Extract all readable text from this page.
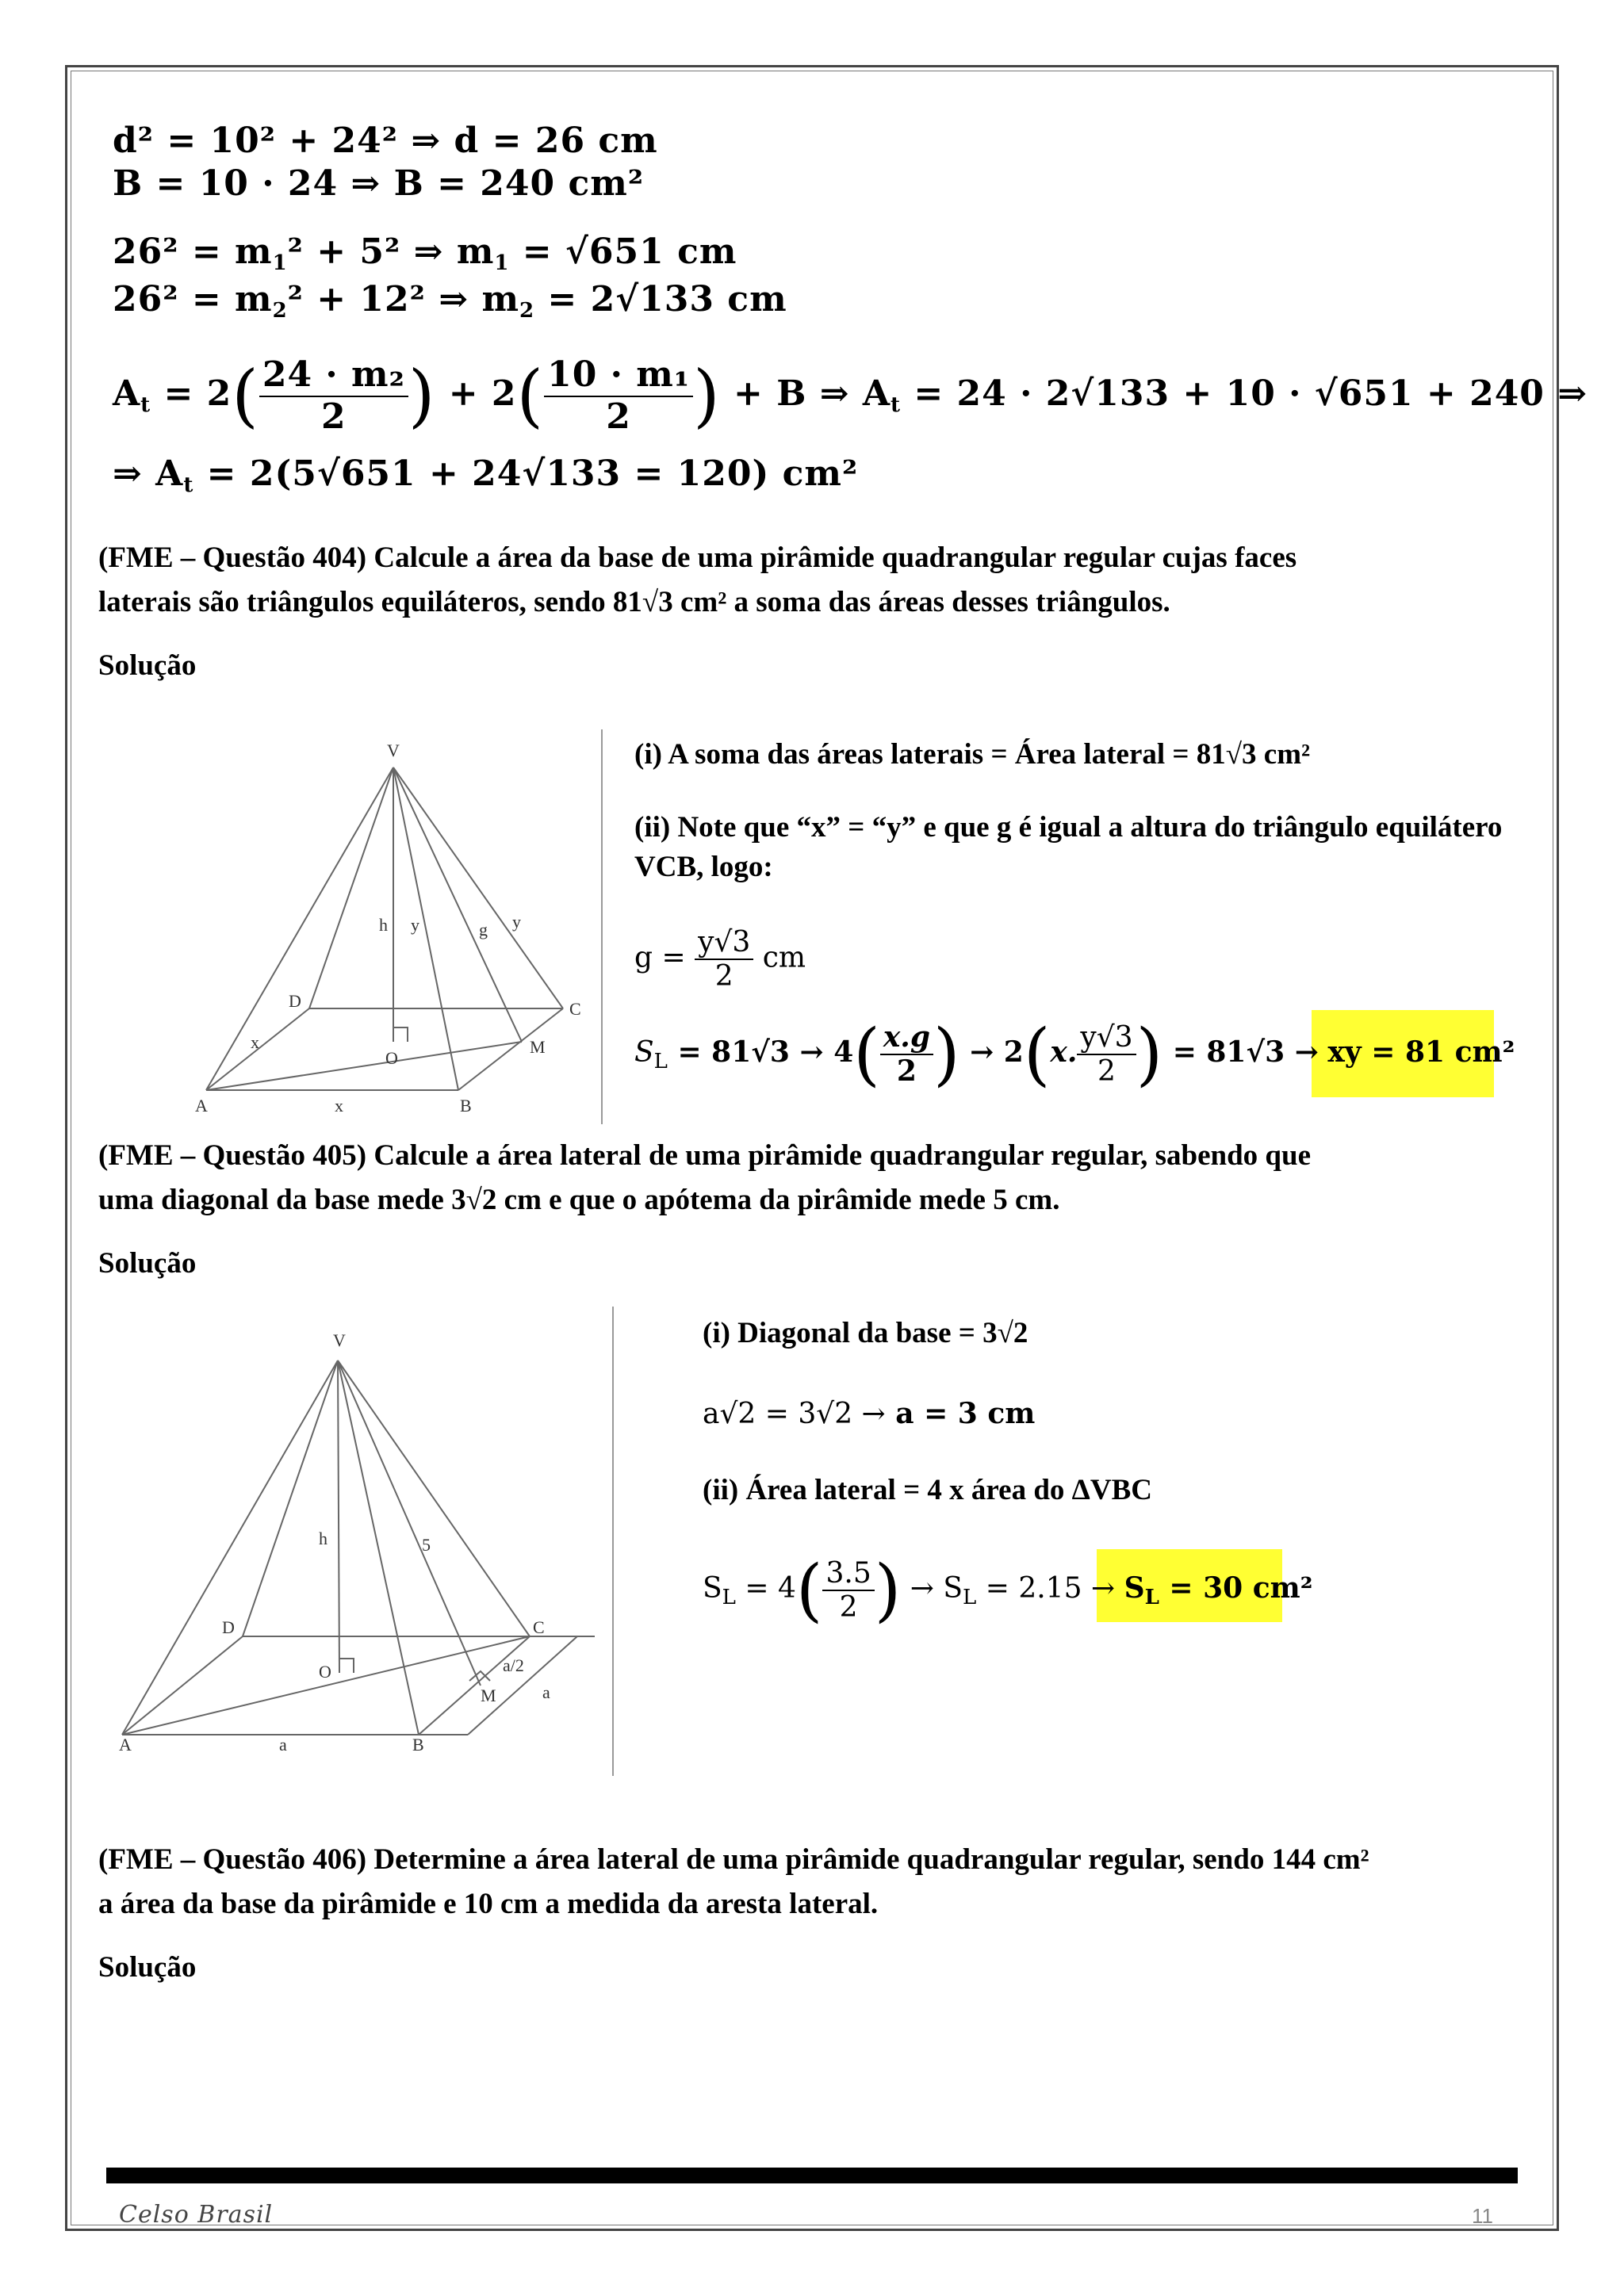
d² = 10² + 24² ⇒ d = 26 cm
B = 10 · 24 ⇒ B = 240 cm²
$26^2 = m_1^2 + 5^2$ ⇒ $m_1 = √651$ cm
$26^2 = m_2^2 + 12^2$ ⇒ $m_2 = 2√133$ cm
$A_t = 2( \frac{\text{24 · m₂}}{2}$ ) + $2( \frac{\text{10 · m₁}}{2}$ ) + B ⇒ $A_t = 24 \cdot 2√133 + 10 \cdot √651 + 240$ ⇒
⇒ $A_t = 2(5√651 + 24√133 = 120)$ cm²
(FME – Questão 404) Calcule a área da base de uma pirâmide quadrangular regular cujas faces
laterais são triângulos equiláteros, sendo 81√3 cm² a soma das áreas desses triângulos.
Solução
V
A	B
C
D
O
M
h y	g y
x
x
(i) A soma das áreas laterais = Área lateral = 81√3 cm²
(ii) Note que “x” = “y” e que g é igual a altura do triângulo equilátero
VCB, logo:
$g = \frac{y√3}{2}$ cm
$S_L = 81√3 \to 4( \frac{x.g}{2}$ ) → 2(x. $\frac{y√3}{2}$ ) = 81√3 → xy = 81 cm²
(FME – Questão 405) Calcule a área lateral de uma pirâmide quadrangular regular, sabendo que
uma diagonal da base mede 3√2 cm e que o apótema da pirâmide mede 5 cm.
Solução
V
A	B
C
D
O
M
h	5
a/2
a
a
(i) Diagonal da base = 3√2
a√2 = 3√2 → a = 3 cm
(ii) Área lateral = 4 x área do ΔVBC
$S_L = 4( \frac{3.5}{2}$ ) → $S_L = 2.15 \to S_L = 30$ cm²
(FME – Questão 406) Determine a área lateral de uma pirâmide quadrangular regular, sendo 144 cm²
a área da base da pirâmide e 10 cm a medida da aresta lateral.
Solução
Celso Brasil	11
